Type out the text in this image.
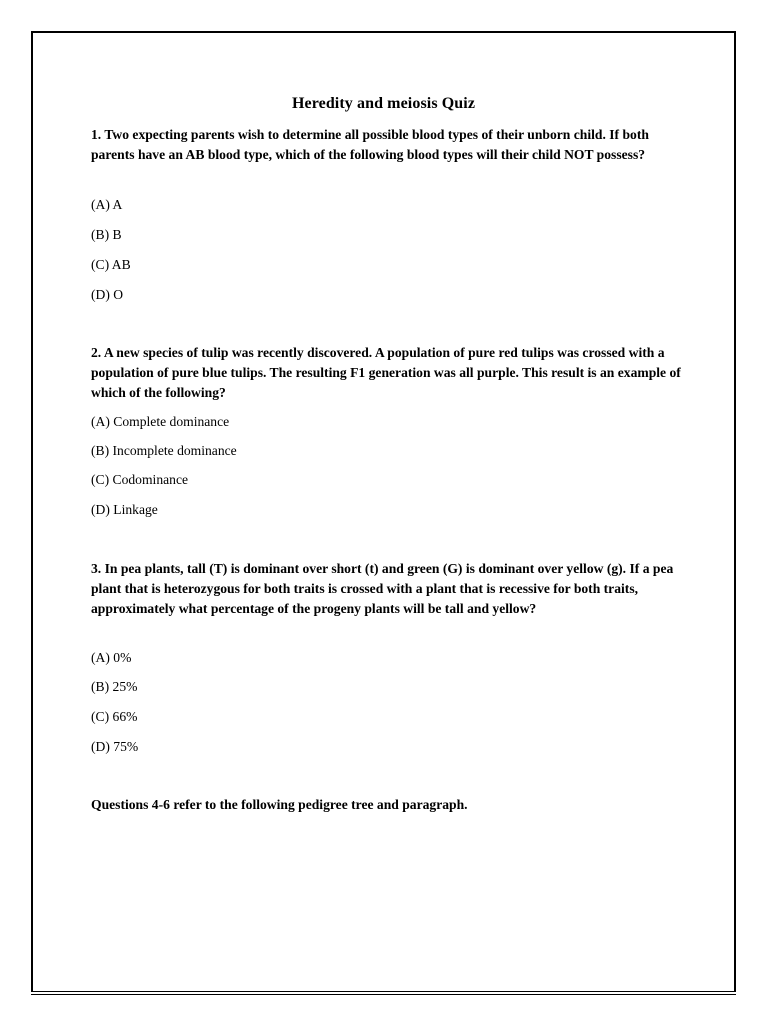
Heredity and meiosis Quiz
1. Two expecting parents wish to determine all possible blood types of their unborn child. If both parents have an AB blood type, which of the following blood types will their child NOT possess?
(A) A
(B) B
(C) AB
(D) O
2. A new species of tulip was recently discovered. A population of pure red tulips was crossed with a population of pure blue tulips. The resulting F1 generation was all purple. This result is an example of which of the following?
(A) Complete dominance
(B) Incomplete dominance
(C) Codominance
(D) Linkage
3. In pea plants, tall (T) is dominant over short (t) and green (G) is dominant over yellow (g). If a pea plant that is heterozygous for both traits is crossed with a plant that is recessive for both traits, approximately what percentage of the progeny plants will be tall and yellow?
(A) 0%
(B) 25%
(C) 66%
(D) 75%
Questions 4-6 refer to the following pedigree tree and paragraph.
